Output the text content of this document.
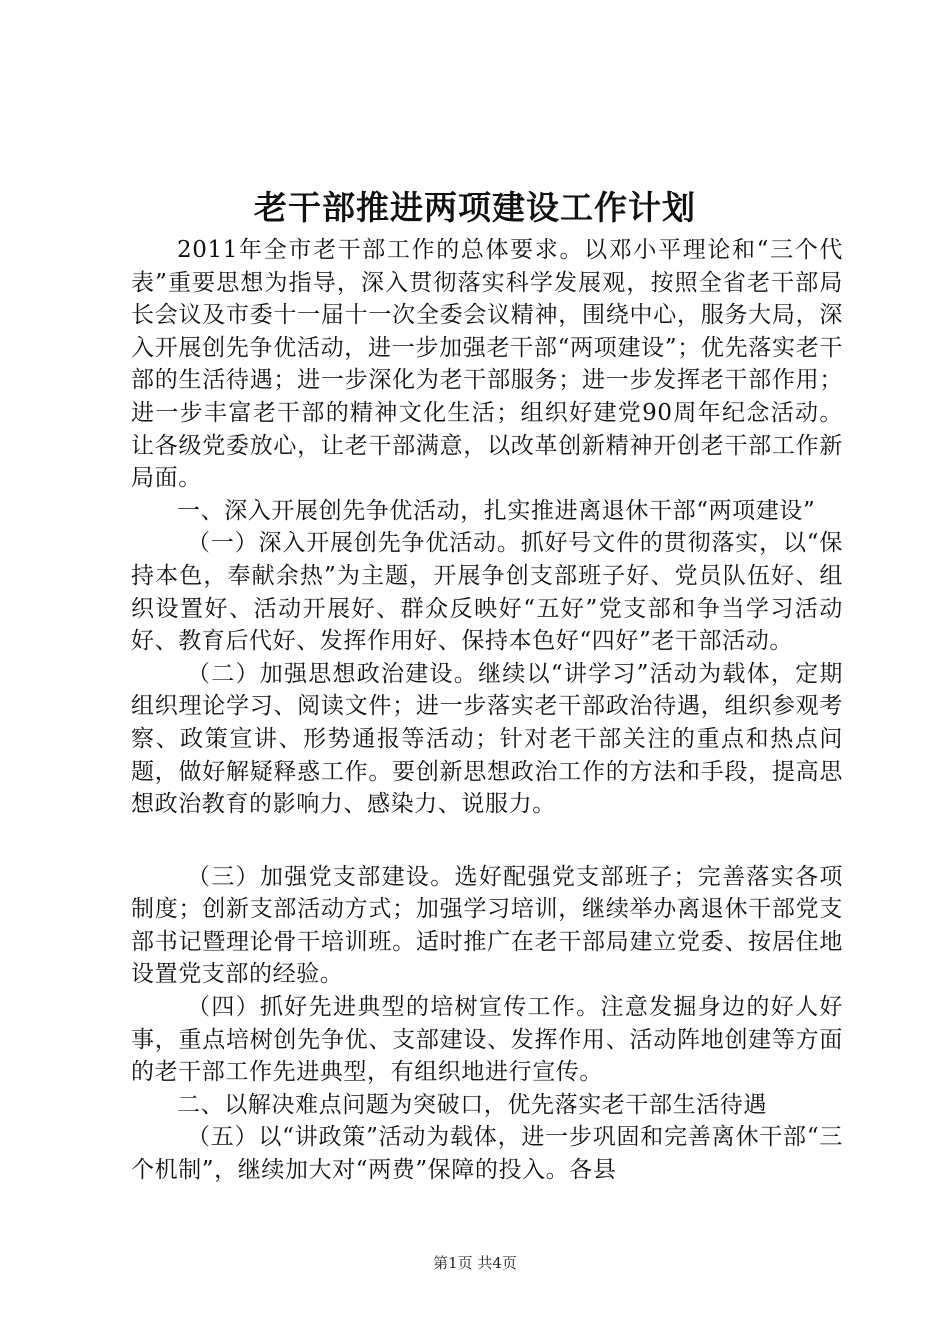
老干部推进两项建设工作计划

2011年全市老干部工作的总体要求。以邓小平理论和“三个代表”重要思想为指导，深入贯彻落实科学发展观，按照全省老干部局长会议及市委十一届十一次全委会议精神，围绕中心，服务大局，深入开展创先争优活动，进一步加强老干部“两项建设”；优先落实老干部的生活待遇；进一步深化为老干部服务；进一步发挥老干部作用；进一步丰富老干部的精神文化生活；组织好建党90周年纪念活动。让各级党委放心，让老干部满意，以改革创新精神开创老干部工作新局面。

一、深入开展创先争优活动，扎实推进离退休干部“两项建设”

（一）深入开展创先争优活动。抓好号文件的贯彻落实，以“保持本色，奉献余热”为主题，开展争创支部班子好、党员队伍好、组织设置好、活动开展好、群众反映好“五好”党支部和争当学习活动好、教育后代好、发挥作用好、保持本色好“四好”老干部活动。

（二）加强思想政治建设。继续以“讲学习”活动为载体，定期组织理论学习、阅读文件；进一步落实老干部政治待遇，组织参观考察、政策宣讲、形势通报等活动；针对老干部关注的重点和热点问题，做好解疑释惑工作。要创新思想政治工作的方法和手段，提高思想政治教育的影响力、感染力、说服力。

（三）加强党支部建设。选好配强党支部班子；完善落实各项制度；创新支部活动方式；加强学习培训，继续举办离退休干部党支部书记暨理论骨干培训班。适时推广在老干部局建立党委、按居住地设置党支部的经验。

（四）抓好先进典型的培树宣传工作。注意发掘身边的好人好事，重点培树创先争优、支部建设、发挥作用、活动阵地创建等方面的老干部工作先进典型，有组织地进行宣传。

二、以解决难点问题为突破口，优先落实老干部生活待遇

（五）以“讲政策”活动为载体，进一步巩固和完善离休干部“三个机制”，继续加大对“两费”保障的投入。各县

第1页 共4页
